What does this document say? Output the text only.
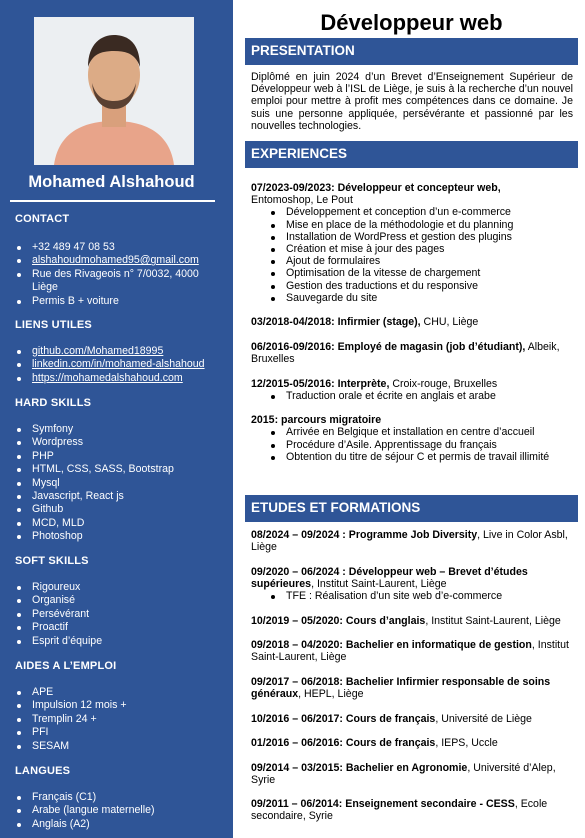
Mohamed Alshahoud
CONTACT
+32 489 47 08 53
alshahoudmohamed95@gmail.com
Rue des Rivageois n° 7/0032, 4000 Liège
Permis B + voiture
LIENS UTILES
github.com/Mohamed18995
linkedin.com/in/mohamed-alshahoud
https://mohamedalshahoud.com
HARD SKILLS
Symfony
Wordpress
PHP
HTML, CSS, SASS, Bootstrap
Mysql
Javascript, React js
Github
MCD, MLD
Photoshop
SOFT SKILLS
Rigoureux
Organisé
Persévérant
Proactif
Esprit d’équipe
AIDES A L’EMPLOI
APE
Impulsion 12 mois +
Tremplin 24 +
PFI
SESAM
LANGUES
Français (C1)
Arabe (langue maternelle)
Anglais (A2)
Développeur web
PRESENTATION
Diplômé en juin 2024 d’un Brevet d’Enseignement Supérieur de Développeur web à l’ISL de Liège, je suis à la recherche d’un nouvel emploi pour mettre à profit mes compétences dans ce domaine. Je suis une personne appliquée, persévérante et passionné par les nouvelles technologies.
EXPERIENCES
07/2023-09/2023: Développeur et concepteur web,
Entomoshop, Le Pout
Développement et conception d’un e-commerce
Mise en place de la méthodologie et du planning
Installation de WordPress et gestion des plugins
Création et mise à jour des pages
Ajout de formulaires
Optimisation de la vitesse de chargement
Gestion des traductions et du responsive
Sauvegarde du site
03/2018-04/2018: Infirmier (stage), CHU, Liège
06/2016-09/2016: Employé de magasin (job d’étudiant), Albeik, Bruxelles
12/2015-05/2016: Interprète, Croix-rouge, Bruxelles
Traduction orale et écrite en anglais et arabe
2015: parcours migratoire
Arrivée en Belgique et installation en centre d’accueil
Procédure d’Asile. Apprentissage du français
Obtention du titre de séjour C et permis de travail illimité
ETUDES ET FORMATIONS
08/2024 – 09/2024 : Programme Job Diversity, Live in Color Asbl, Liège
09/2020 – 06/2024 : Développeur web – Brevet d’études supérieures, Institut Saint-Laurent, Liège
TFE : Réalisation d’un site web d’e-commerce
10/2019 – 05/2020: Cours d’anglais, Institut Saint-Laurent, Liège
09/2018 – 04/2020: Bachelier en informatique de gestion, Institut Saint-Laurent, Liège
09/2017 – 06/2018: Bachelier Infirmier responsable de soins généraux, HEPL, Liège
10/2016 – 06/2017: Cours de français, Université de Liège
01/2016 – 06/2016: Cours de français, IEPS, Uccle
09/2014 – 03/2015: Bachelier en Agronomie, Université d’Alep, Syrie
09/2011 – 06/2014: Enseignement secondaire - CESS, Ecole secondaire, Syrie
